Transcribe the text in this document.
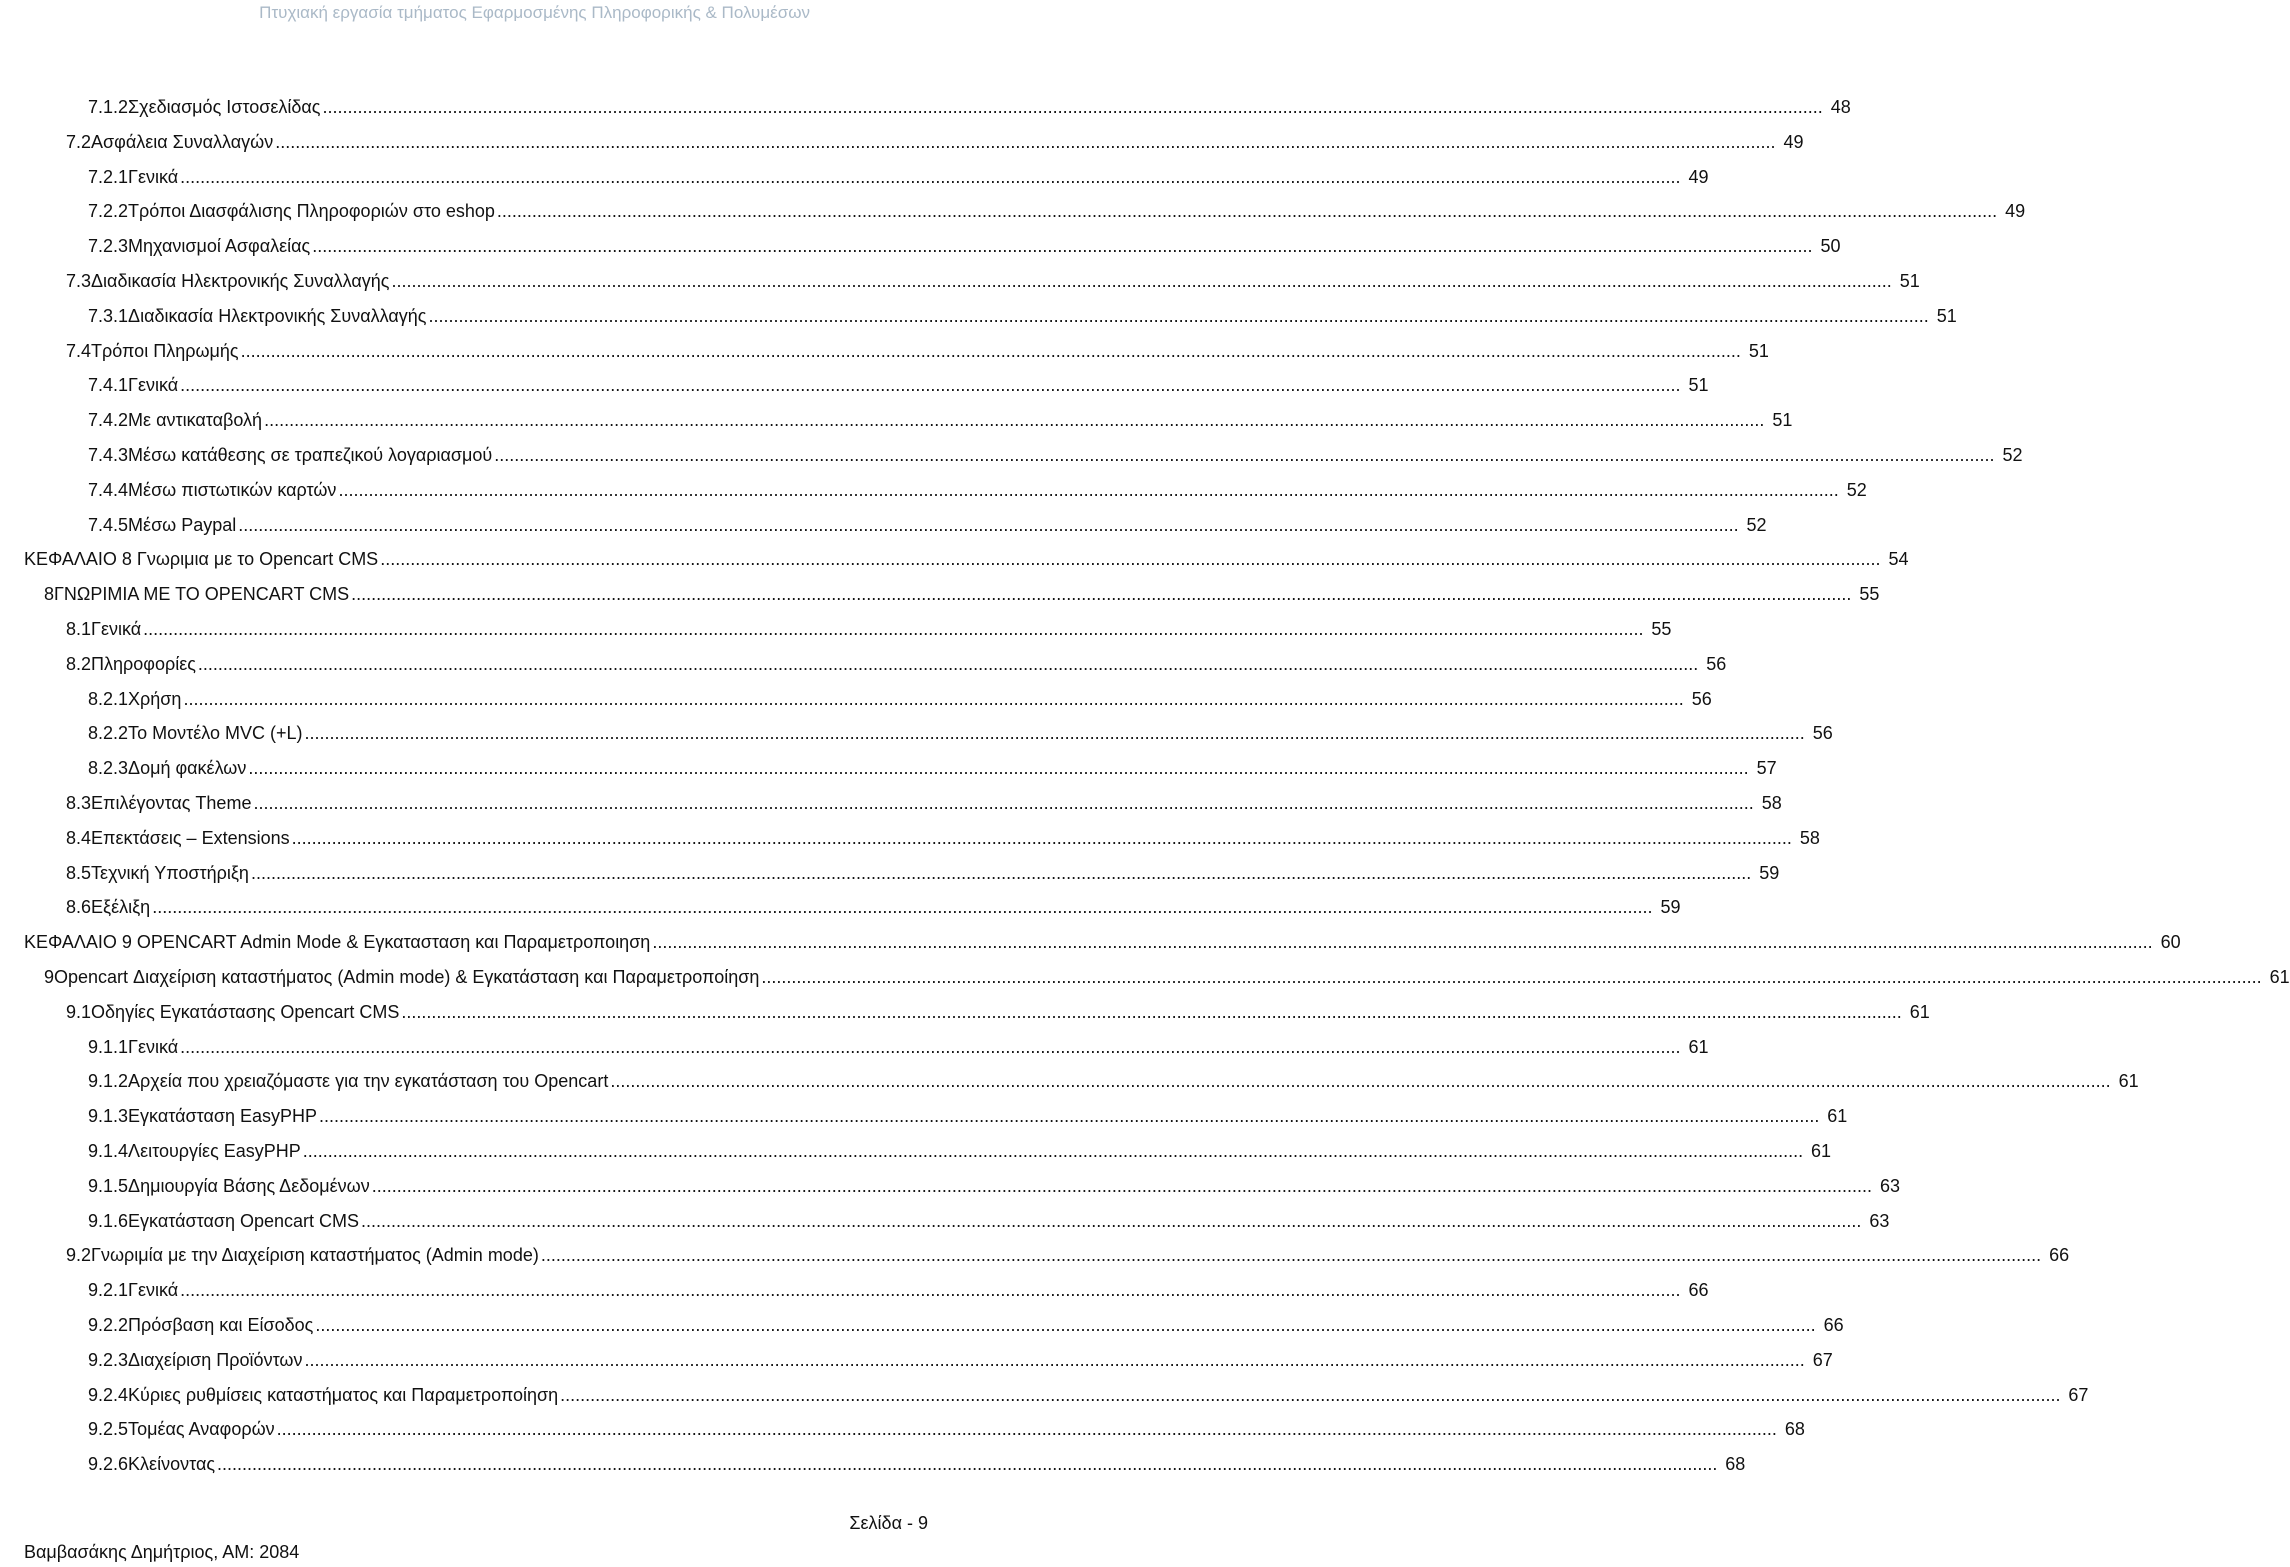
Πτυχιακή εργασία τμήματος Εφαρμοσμένης Πληροφορικής & Πολυμέσων
7.1.2 Σχεδιασμός Ιστοσελίδας ............................................................................................................................................................................................................................................................................................................ 48
7.2 Ασφάλεια Συναλλαγών ............................................................................................................................................................................................................................................................................................................ 49
7.2.1 Γενικά ............................................................................................................................................................................................................................................................................................................ 49
7.2.2 Τρόποι Διασφάλισης Πληροφοριών στο eshop ............................................................................................................................................................................................................................................................................................................ 49
7.2.3 Μηχανισμοί Ασφαλείας ............................................................................................................................................................................................................................................................................................................ 50
7.3 Διαδικασία Ηλεκτρονικής Συναλλαγής ............................................................................................................................................................................................................................................................................................................ 51
7.3.1 Διαδικασία Ηλεκτρονικής Συναλλαγής ............................................................................................................................................................................................................................................................................................................ 51
7.4 Τρόποι Πληρωμής ............................................................................................................................................................................................................................................................................................................ 51
7.4.1 Γενικά ............................................................................................................................................................................................................................................................................................................ 51
7.4.2 Με αντικαταβολή ............................................................................................................................................................................................................................................................................................................ 51
7.4.3 Μέσω κατάθεσης σε τραπεζικού λογαριασμού ............................................................................................................................................................................................................................................................................................................ 52
7.4.4 Μέσω πιστωτικών καρτών ............................................................................................................................................................................................................................................................................................................ 52
7.4.5 Μέσω Paypal ............................................................................................................................................................................................................................................................................................................ 52
ΚΕΦΑΛΑΙΟ 8 Γνωριμια με το Opencart CMS ............................................................................................................................................................................................................................................................................................................ 54
8 ΓΝΩΡΙΜΙΑ ΜΕ ΤΟ OPENCART CMS ............................................................................................................................................................................................................................................................................................................ 55
8.1 Γενικά ............................................................................................................................................................................................................................................................................................................ 55
8.2 Πληροφορίες ............................................................................................................................................................................................................................................................................................................ 56
8.2.1 Χρήση ............................................................................................................................................................................................................................................................................................................ 56
8.2.2 Το Μοντέλο MVC (+L) ............................................................................................................................................................................................................................................................................................................ 56
8.2.3 Δομή φακέλων ............................................................................................................................................................................................................................................................................................................ 57
8.3 Επιλέγοντας Theme ............................................................................................................................................................................................................................................................................................................ 58
8.4 Επεκτάσεις – Extensions ............................................................................................................................................................................................................................................................................................................ 58
8.5 Τεχνική Υποστήριξη ............................................................................................................................................................................................................................................................................................................ 59
8.6 Εξέλιξη ............................................................................................................................................................................................................................................................................................................ 59
ΚΕΦΑΛΑΙΟ 9 OPENCART Admin Mode & Εγκατασταση και Παραμετροποιηση ............................................................................................................................................................................................................................................................................................................ 60
9 Opencart Διαχείριση καταστήματος (Admin mode) & Εγκατάσταση και Παραμετροποίηση ............................................................................................................................................................................................................................................................................................................ 61
9.1 Οδηγίες Εγκατάστασης Opencart CMS ............................................................................................................................................................................................................................................................................................................ 61
9.1.1 Γενικά ............................................................................................................................................................................................................................................................................................................ 61
9.1.2 Αρχεία που χρειαζόμαστε για την εγκατάσταση του Opencart ............................................................................................................................................................................................................................................................................................................ 61
9.1.3 Εγκατάσταση EasyPHP ............................................................................................................................................................................................................................................................................................................ 61
9.1.4 Λειτουργίες EasyPHP ............................................................................................................................................................................................................................................................................................................ 61
9.1.5 Δημιουργία Βάσης Δεδομένων ............................................................................................................................................................................................................................................................................................................ 63
9.1.6 Εγκατάσταση Opencart CMS ............................................................................................................................................................................................................................................................................................................ 63
9.2 Γνωριμία με την Διαχείριση καταστήματος (Admin mode) ............................................................................................................................................................................................................................................................................................................ 66
9.2.1 Γενικά ............................................................................................................................................................................................................................................................................................................ 66
9.2.2 Πρόσβαση και Είσοδος ............................................................................................................................................................................................................................................................................................................ 66
9.2.3 Διαχείριση Προϊόντων ............................................................................................................................................................................................................................................................................................................ 67
9.2.4 Κύριες ρυθμίσεις καταστήματος και Παραμετροποίηση ............................................................................................................................................................................................................................................................................................................ 67
9.2.5 Τομέας Αναφορών ............................................................................................................................................................................................................................................................................................................ 68
9.2.6 Κλείνοντας ............................................................................................................................................................................................................................................................................................................ 68
Σελίδα - 9
Βαμβασάκης Δημήτριος, ΑΜ: 2084
